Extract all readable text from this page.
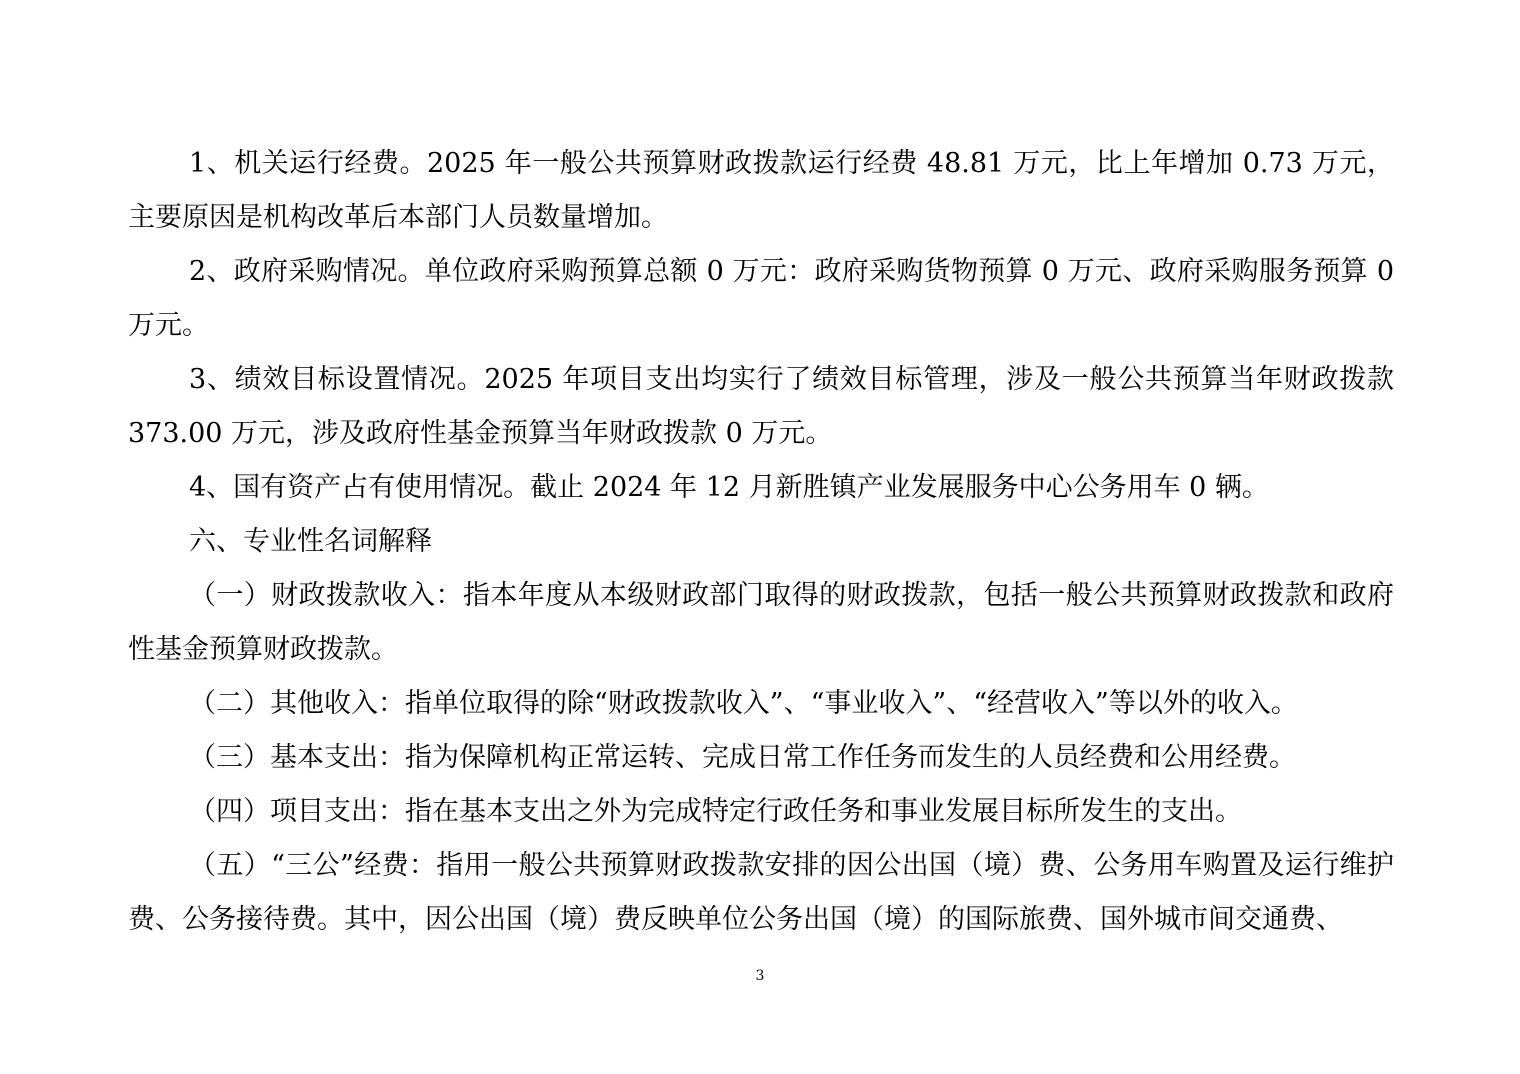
1、机关运行经费。2025 年一般公共预算财政拨款运行经费 48.81 万元，比上年增加 0.73 万元，主要原因是机构改革后本部门人员数量增加。

2、政府采购情况。单位政府采购预算总额 0 万元：政府采购货物预算 0 万元、政府采购服务预算 0 万元。

3、绩效目标设置情况。2025 年项目支出均实行了绩效目标管理，涉及一般公共预算当年财政拨款 373.00 万元，涉及政府性基金预算当年财政拨款 0 万元。

4、国有资产占有使用情况。截止 2024 年 12 月新胜镇产业发展服务中心公务用车 0 辆。

六、专业性名词解释

（一）财政拨款收入：指本年度从本级财政部门取得的财政拨款，包括一般公共预算财政拨款和政府性基金预算财政拨款。

（二）其他收入：指单位取得的除“财政拨款收入”、“事业收入”、“经营收入”等以外的收入。

（三）基本支出：指为保障机构正常运转、完成日常工作任务而发生的人员经费和公用经费。

（四）项目支出：指在基本支出之外为完成特定行政任务和事业发展目标所发生的支出。

（五）“三公”经费：指用一般公共预算财政拨款安排的因公出国（境）费、公务用车购置及运行维护费、公务接待费。其中，因公出国（境）费反映单位公务出国（境）的国际旅费、国外城市间交通费、

3
